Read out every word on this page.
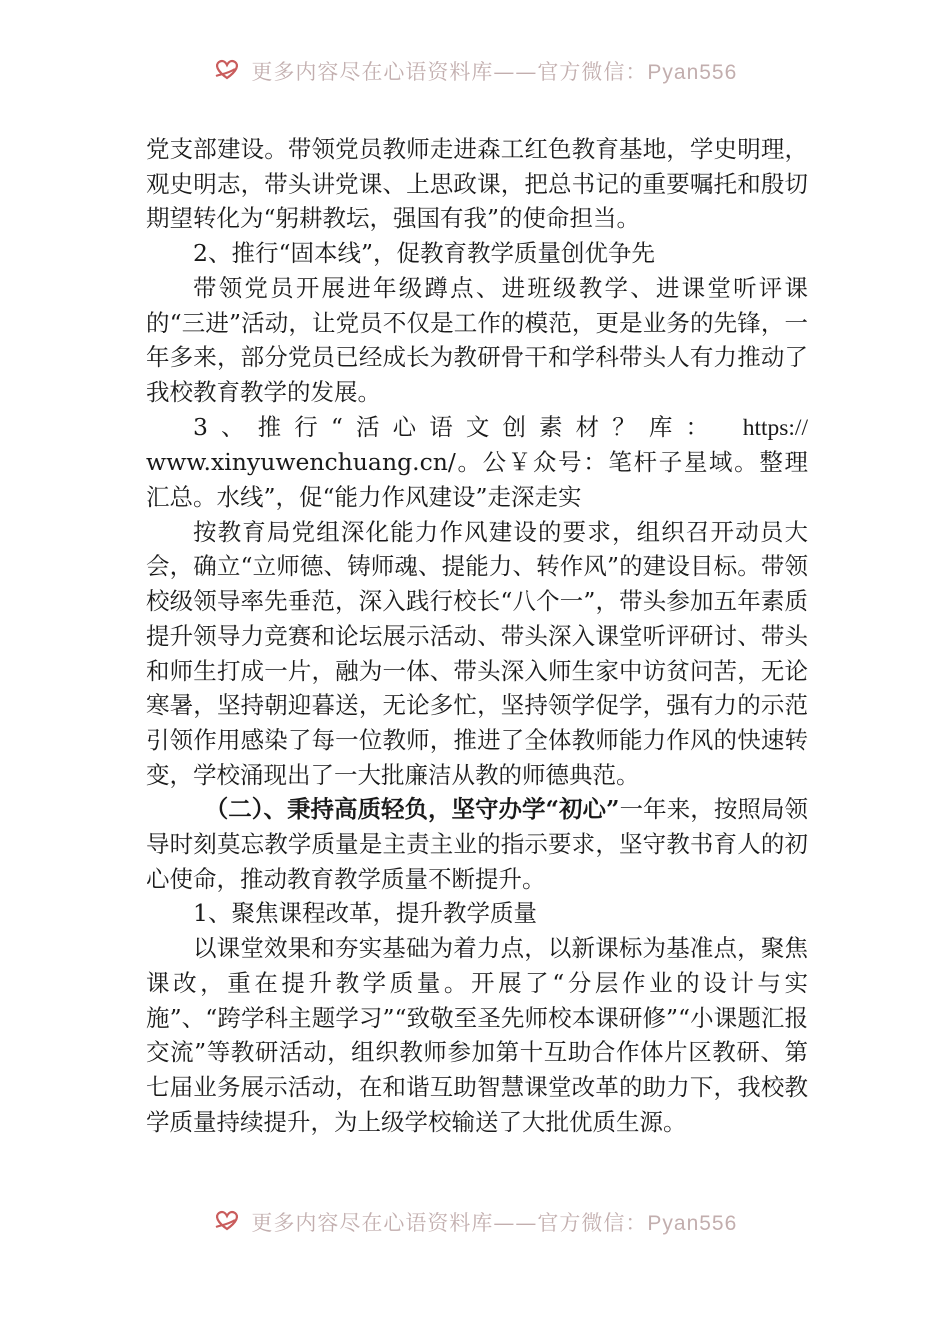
更多内容尽在心语资料库——官方微信：Pyan556

党支部建设。带领党员教师走进森工红色教育基地，学史明理，观史明志，带头讲党课、上思政课，把总书记的重要嘱托和殷切期望转化为“躬耕教坛，强国有我”的使命担当。

2、推行“固本线”，促教育教学质量创优争先

带领党员开展进年级蹲点、进班级教学、进课堂听评课的“三进”活动，让党员不仅是工作的模范，更是业务的先锋，一年多来，部分党员已经成长为教研骨干和学科带头人有力推动了我校教育教学的发展。

3、推行“活心语文创素材？库： https://

www.xinyuwenchuang.cn/。公￥众号：笔杆子星域。整理汇总。水线”，促“能力作风建设”走深走实

按教育局党组深化能力作风建设的要求，组织召开动员大会，确立“立师德、铸师魂、提能力、转作风”的建设目标。带领校级领导率先垂范，深入践行校长“八个一”，带头参加五年素质提升领导力竞赛和论坛展示活动、带头深入课堂听评研讨、带头和师生打成一片，融为一体、带头深入师生家中访贫问苦，无论寒暑，坚持朝迎暮送，无论多忙，坚持领学促学，强有力的示范引领作用感染了每一位教师，推进了全体教师能力作风的快速转变，学校涌现出了一大批廉洁从教的师德典范。

（二）、秉持高质轻负，坚守办学“初心”一年来，按照局领导时刻莫忘教学质量是主责主业的指示要求，坚守教书育人的初心使命，推动教育教学质量不断提升。

1、聚焦课程改革，提升教学质量

以课堂效果和夯实基础为着力点，以新课标为基准点，聚焦课改，重在提升教学质量。开展了“分层作业的设计与实施”、“跨学科主题学习”“致敬至圣先师校本课研修”“小课题汇报交流”等教研活动，组织教师参加第十互助合作体片区教研、第七届业务展示活动，在和谐互助智慧课堂改革的助力下，我校教学质量持续提升，为上级学校输送了大批优质生源。

更多内容尽在心语资料库——官方微信：Pyan556
